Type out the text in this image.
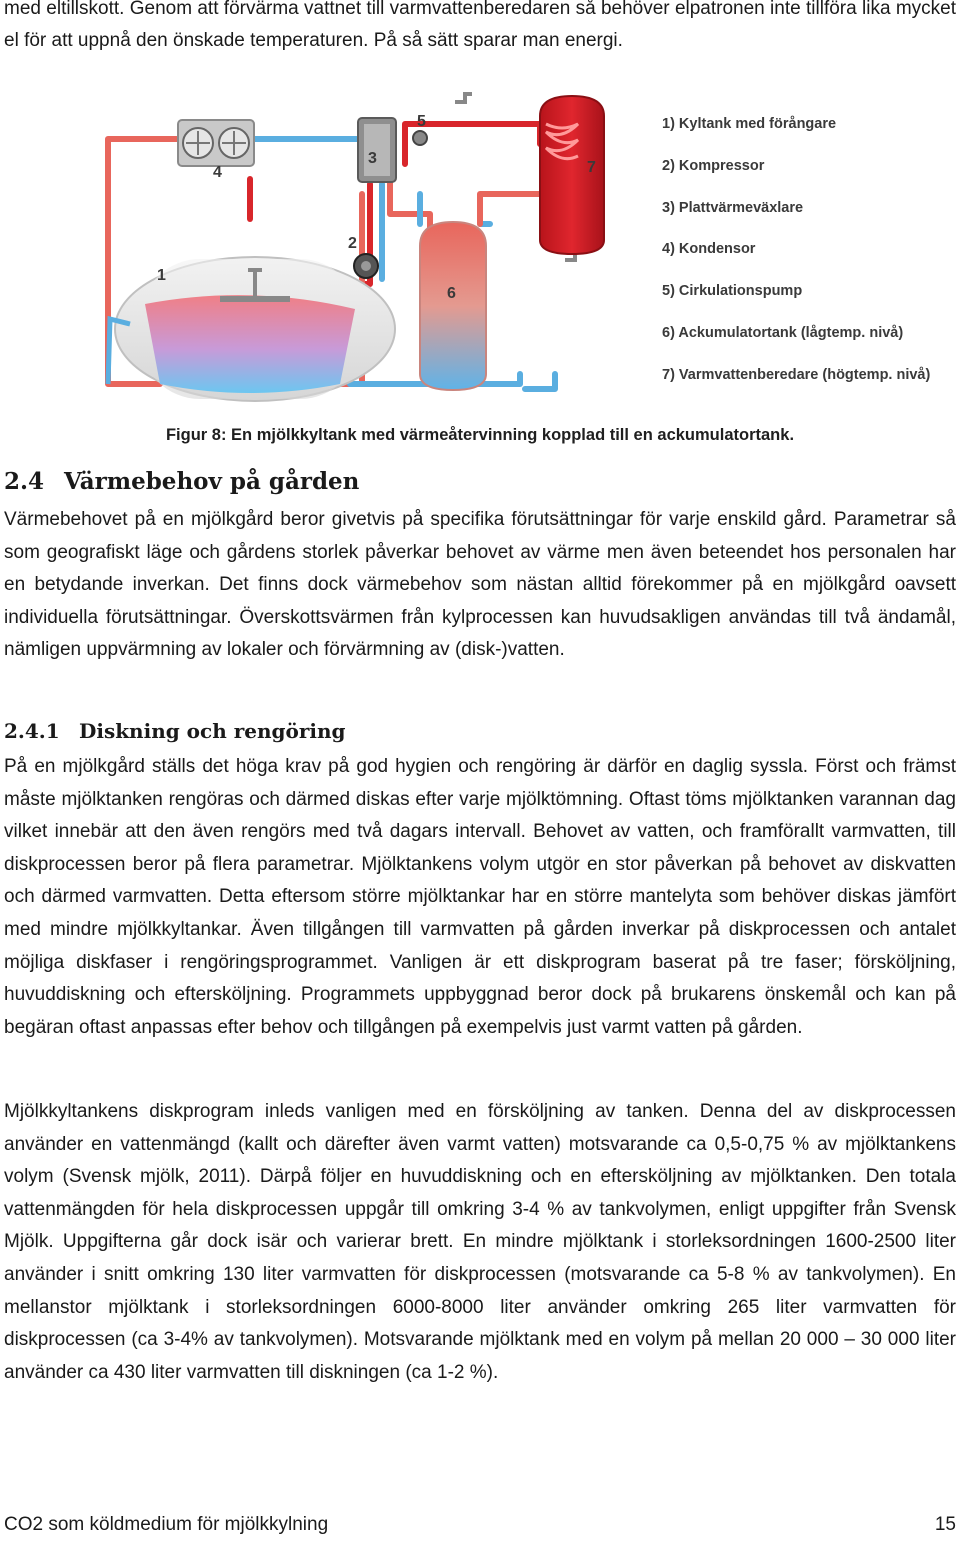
med eltillskott. Genom att förvärma vattnet till varmvattenberedaren så behöver elpatronen inte tillföra lika mycket el för att uppnå den önskade temperaturen. På så sätt sparar man energi.

1
2
3
4
5
6
7
1) Kyltank med förångare
2) Kompressor
3) Plattvärmeväxlare
4) Kondensor
5) Cirkulationspump
6) Ackumulatortank (lågtemp. nivå)
7) Varmvattenberedare (högtemp. nivå)
Figur 8: En mjölkkyltank med värmeåtervinning kopplad till en ackumulatortank.
2.4 Värmebehov på gården

Värmebehovet på en mjölkgård beror givetvis på specifika förutsättningar för varje enskild gård. Parametrar så som geografiskt läge och gårdens storlek påverkar behovet av värme men även beteendet hos personalen har en betydande inverkan. Det finns dock värmebehov som nästan alltid förekommer på en mjölkgård oavsett individuella förutsättningar. Överskottsvärmen från kylprocessen kan huvudsakligen användas till två ändamål, nämligen uppvärmning av lokaler och förvärmning av (disk-)vatten.

2.4.1 Diskning och rengöring

På en mjölkgård ställs det höga krav på god hygien och rengöring är därför en daglig syssla. Först och främst måste mjölktanken rengöras och därmed diskas efter varje mjölktömning. Oftast töms mjölktanken varannan dag vilket innebär att den även rengörs med två dagars intervall. Behovet av vatten, och framförallt varmvatten, till diskprocessen beror på flera parametrar. Mjölktankens volym utgör en stor påverkan på behovet av diskvatten och därmed varmvatten. Detta eftersom större mjölktankar har en större mantelyta som behöver diskas jämfört med mindre mjölkkyltankar. Även tillgången till varmvatten på gården inverkar på diskprocessen och antalet möjliga diskfaser i rengöringsprogrammet. Vanligen är ett diskprogram baserat på tre faser; försköljning, huvuddiskning och eftersköljning. Programmets uppbyggnad beror dock på brukarens önskemål och kan på begäran oftast anpassas efter behov och tillgången på exempelvis just varmt vatten på gården.

Mjölkkyltankens diskprogram inleds vanligen med en försköljning av tanken. Denna del av diskprocessen använder en vattenmängd (kallt och därefter även varmt vatten) motsvarande ca 0,5-0,75 % av mjölktankens volym (Svensk mjölk, 2011). Därpå följer en huvuddiskning och en eftersköljning av mjölktanken. Den totala vattenmängden för hela diskprocessen uppgår till omkring 3-4 % av tankvolymen, enligt uppgifter från Svensk Mjölk. Uppgifterna går dock isär och varierar brett. En mindre mjölktank i storleksordningen 1600-2500 liter använder i snitt omkring 130 liter varmvatten för diskprocessen (motsvarande ca 5-8 % av tankvolymen). En mellanstor mjölktank i storleksordningen 6000-8000 liter använder omkring 265 liter varmvatten för diskprocessen (ca 3-4% av tankvolymen). Motsvarande mjölktank med en volym på mellan 20 000 – 30 000 liter använder ca 430 liter varmvatten till diskningen (ca 1-2 %).

CO2 som köldmedium för mjölkkylning	15
